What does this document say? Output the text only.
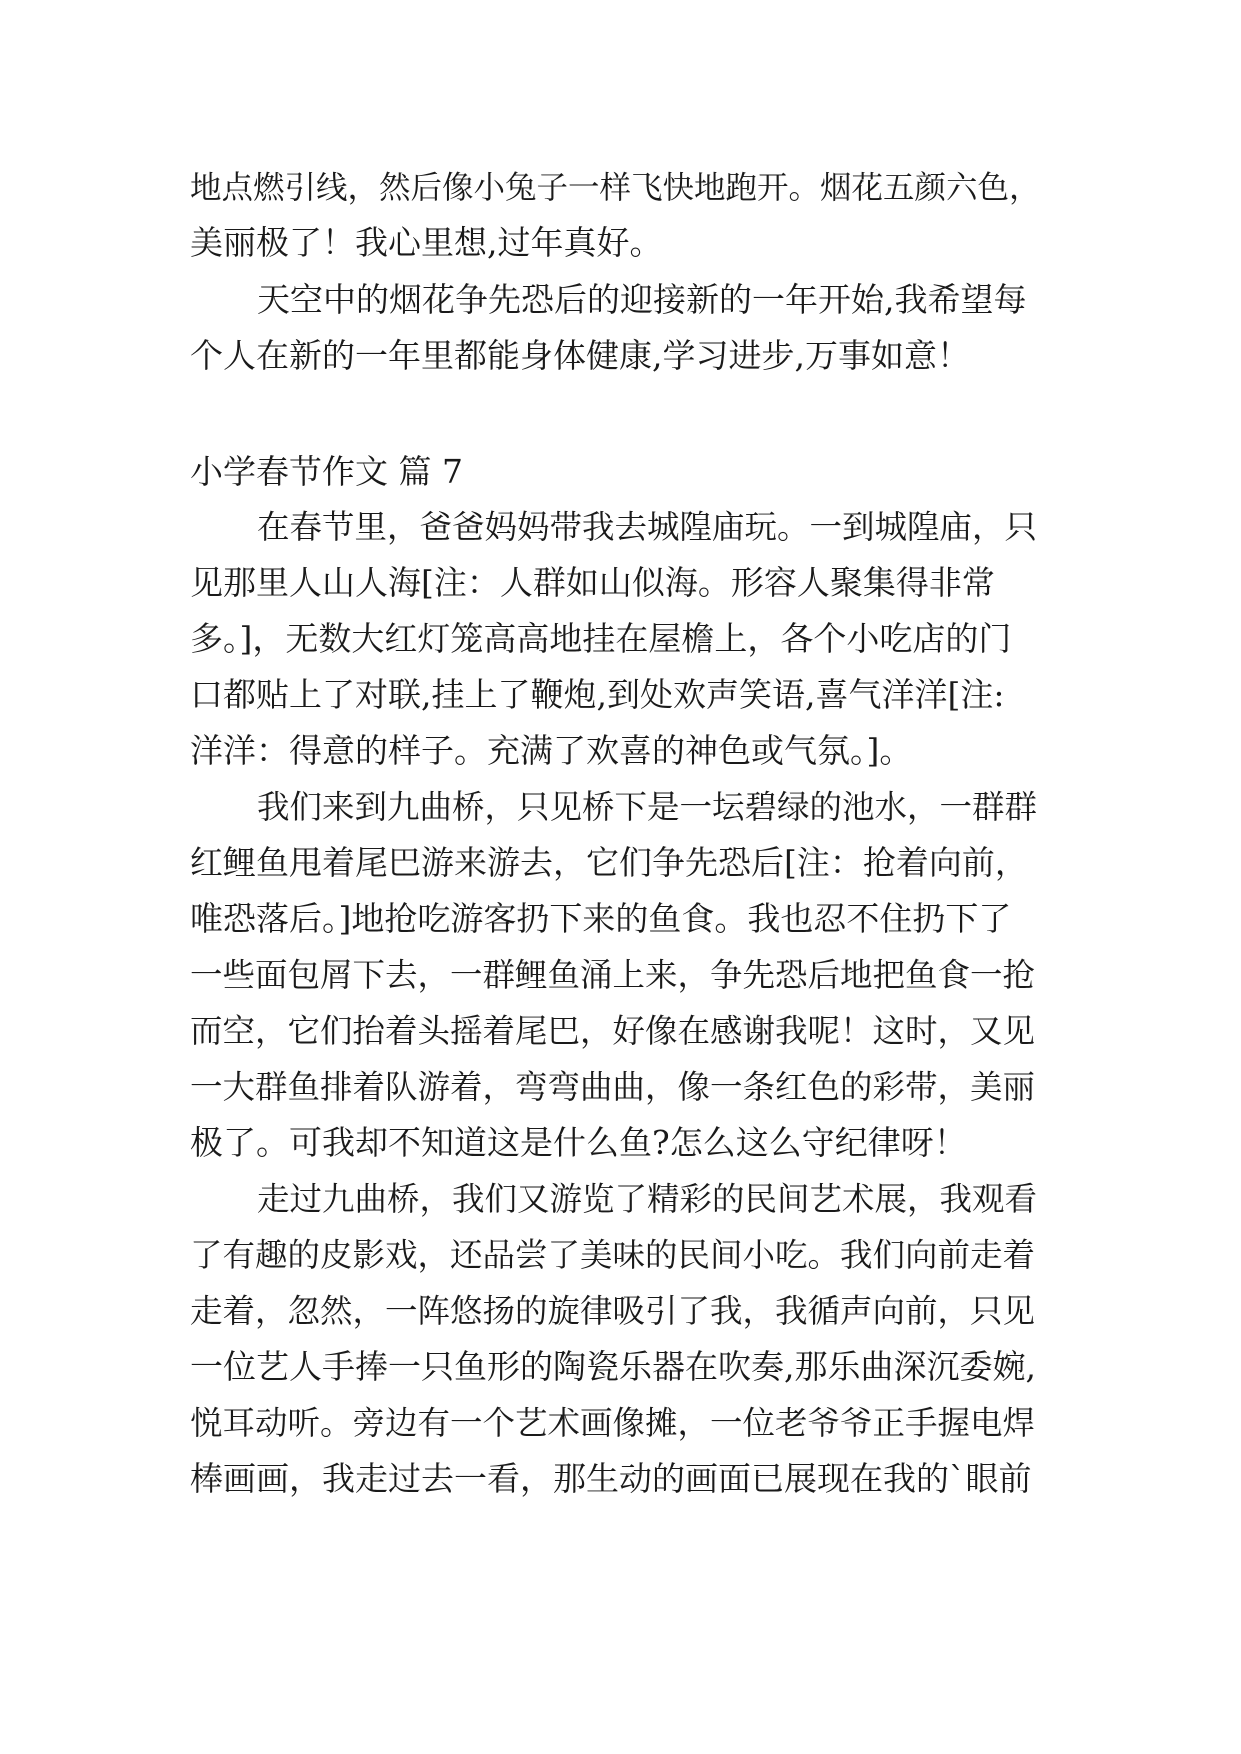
地点燃引线，然后像小兔子一样飞快地跑开。烟花五颜六色，
美丽极了！我心里想,过年真好。
天空中的烟花争先恐后的迎接新的一年开始,我希望每
个人在新的一年里都能身体健康,学习进步,万事如意！
小学春节作文 篇 7
在春节里，爸爸妈妈带我去城隍庙玩。一到城隍庙，只
见那里人山人海[注：人群如山似海。形容人聚集得非常
多。]，无数大红灯笼高高地挂在屋檐上，各个小吃店的门
口都贴上了对联,挂上了鞭炮,到处欢声笑语,喜气洋洋[注:
洋洋：得意的样子。充满了欢喜的神色或气氛。]。
我们来到九曲桥，只见桥下是一坛碧绿的池水，一群群
红鲤鱼甩着尾巴游来游去，它们争先恐后[注：抢着向前，
唯恐落后。]地抢吃游客扔下来的鱼食。我也忍不住扔下了
一些面包屑下去，一群鲤鱼涌上来，争先恐后地把鱼食一抢
而空，它们抬着头摇着尾巴，好像在感谢我呢！这时，又见
一大群鱼排着队游着，弯弯曲曲，像一条红色的彩带，美丽
极了。可我却不知道这是什么鱼?怎么这么守纪律呀！
走过九曲桥，我们又游览了精彩的民间艺术展，我观看
了有趣的皮影戏，还品尝了美味的民间小吃。我们向前走着
走着，忽然，一阵悠扬的旋律吸引了我，我循声向前，只见
一位艺人手捧一只鱼形的陶瓷乐器在吹奏,那乐曲深沉委婉,
悦耳动听。旁边有一个艺术画像摊，一位老爷爷正手握电焊
棒画画，我走过去一看，那生动的画面已展现在我的`眼前
